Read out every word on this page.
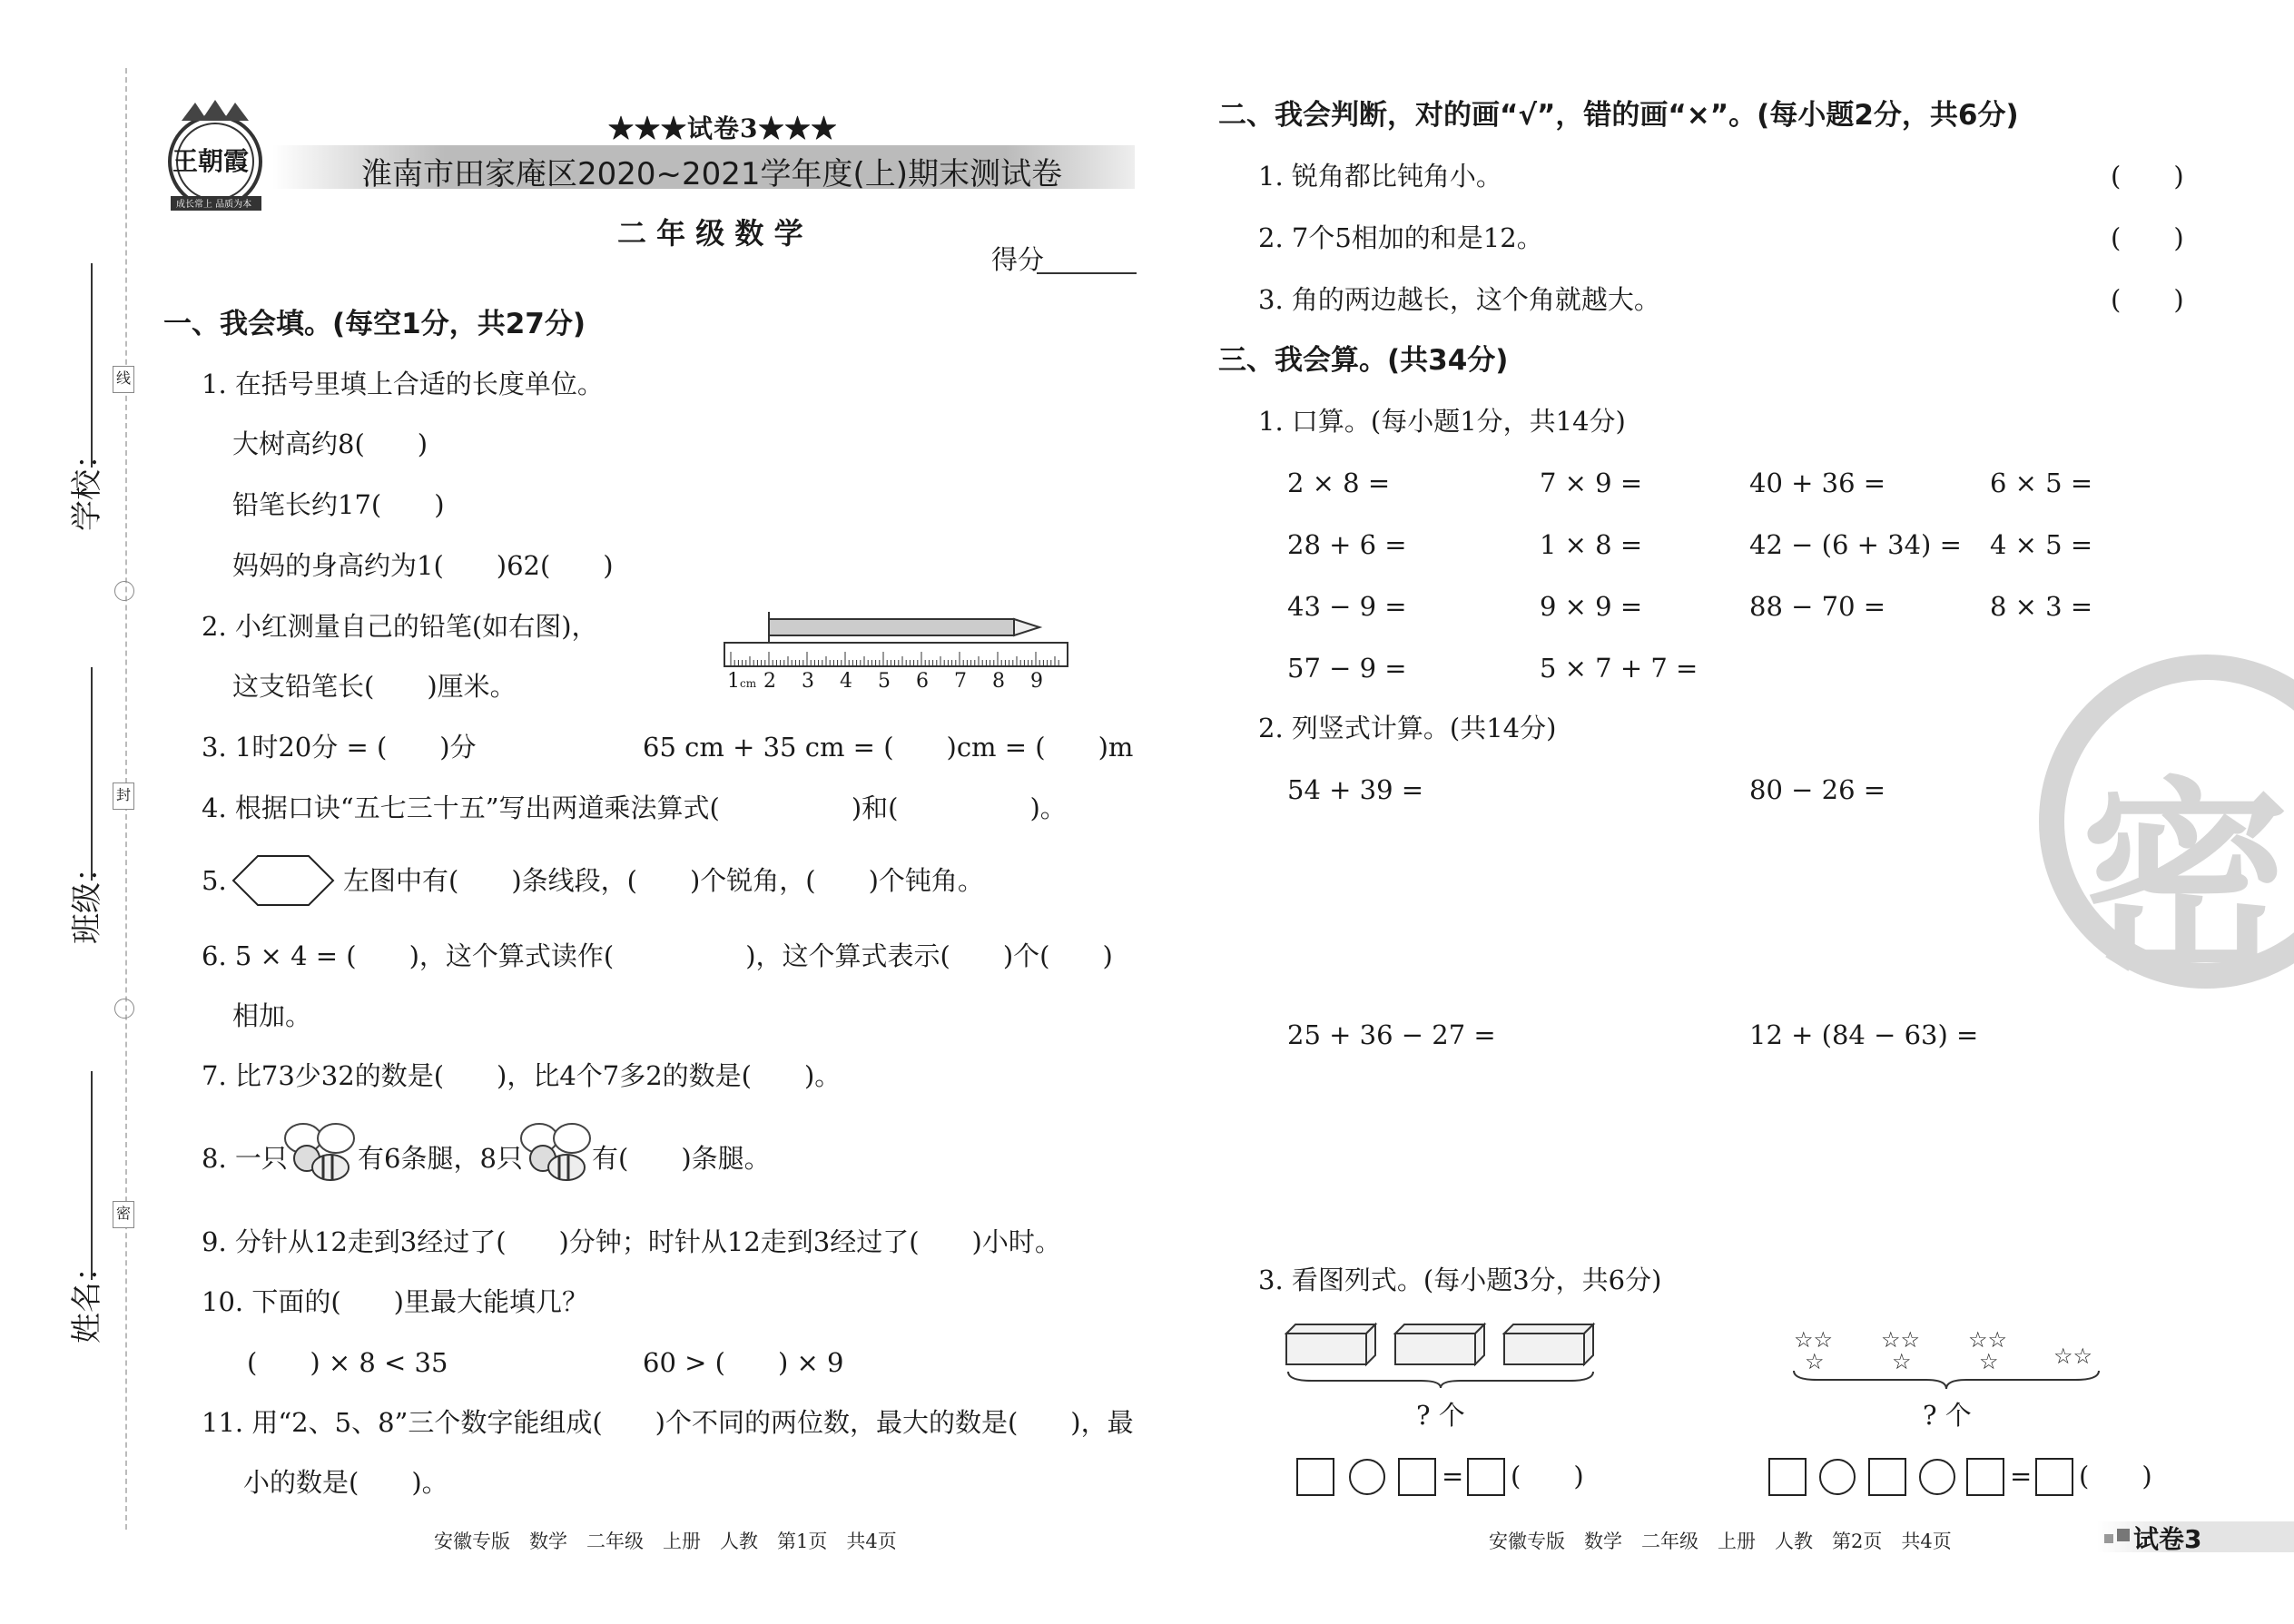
学校：
班级：
姓名：
线
封
密
王朝霞
成长常上 品质为本
★★★试卷3★★★
淮南市田家庵区2020~2021学年度(上)期末测试卷
二 年 级 数 学
得分
一、我会填。(每空1分，共27分)
1. 在括号里填上合适的长度单位。
大树高约8(　　)
铅笔长约17(　　)
妈妈的身高约为1(　　)62(　　)
2. 小红测量自己的铅笔(如右图)，
这支铅笔长(　　)厘米。	1 cm 2 3 4 5 6 7 8 9
3. 1时20分 = (　　)分	65 cm + 35 cm = (　　)cm = (　　)m
4. 根据口诀“五七三十五”写出两道乘法算式(　　　　　)和(　　　　　)。
5.	左图中有(　　)条线段，(　　)个锐角，(　　)个钝角。
6. 5 × 4 = (　　)，这个算式读作(　　　　　)，这个算式表示(　　)个(　　)
相加。
7. 比73少32的数是(　　)，比4个7多2的数是(　　)。
8. 一只	有6条腿，8只	有(　　)条腿。
9. 分针从12走到3经过了(　　)分钟；时针从12走到3经过了(　　)小时。
10. 下面的(　　)里最大能填几？
(　　) × 8 < 35	60 > (　　) × 9
11. 用“2、5、8”三个数字能组成(　　)个不同的两位数，最大的数是(　　)，最
小的数是(　　)。
安徽专版　数学　二年级　上册　人教　第1页　共4页
二、我会判断，对的画“√”，错的画“×”。(每小题2分，共6分)
1. 锐角都比钝角小。	(　　)
2. 7个5相加的和是12。	(　　)
3. 角的两边越长，这个角就越大。	(　　)
三、我会算。(共34分)
1. 口算。(每小题1分，共14分)
2 × 8 =	7 × 9 =	40 + 36 =	6 × 5 =
28 + 6 =	1 × 8 =	42 − (6 + 34) = 4 × 5 =
43 − 9 =	9 × 9 =	88 − 70 =	8 × 3 =
57 − 9 =	5 × 7 + 7 =
2. 列竖式计算。(共14分)
54 + 39 =	80 − 26 =
25 + 36 − 27 =	12 + (84 − 63) =
密
3. 看图列式。(每小题3分，共6分)
? 个
= (　　)
☆☆
☆
☆☆
☆
☆☆
☆	☆☆
? 个
= (　　)
安徽专版　数学　二年级　上册　人教　第2页　共4页	试卷3
